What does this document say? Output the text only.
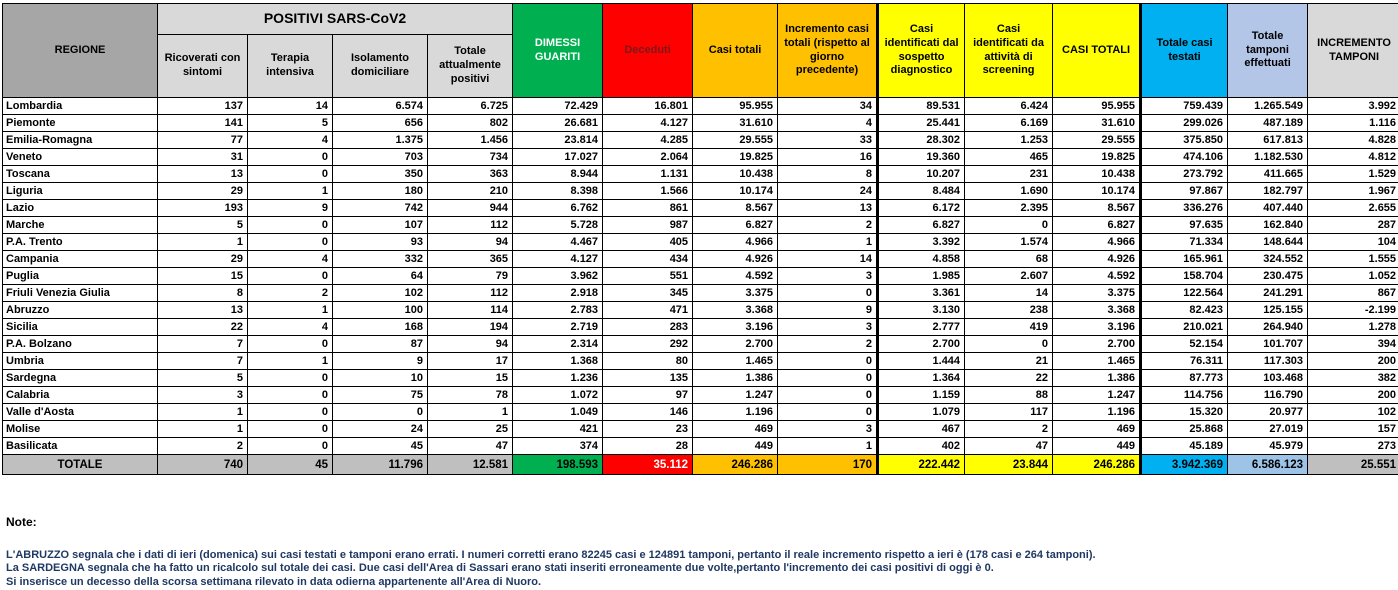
REGIONE	POSITIVI SARS-CoV2				DIMESSI GUARITI	Deceduti	Casi totali	Incremento casi totali (rispetto al giorno precedente)	Casi identificati dal sospetto diagnostico	Casi identificati da attività di screening	CASI TOTALI	Totale casi testati	Totale tamponi effettuati	INCREMENTO TAMPONI
	Ricoverati con sintomi	Terapia intensiva	Isolamento domiciliare	Totale attualmente positivi										
Lombardia	137	14	6.574	6.725	72.429	16.801	95.955	34	89.531	6.424	95.955	759.439	1.265.549	3.992
Piemonte	141	5	656	802	26.681	4.127	31.610	4	25.441	6.169	31.610	299.026	487.189	1.116
Emilia-Romagna	77	4	1.375	1.456	23.814	4.285	29.555	33	28.302	1.253	29.555	375.850	617.813	4.828
Veneto	31	0	703	734	17.027	2.064	19.825	16	19.360	465	19.825	474.106	1.182.530	4.812
Toscana	13	0	350	363	8.944	1.131	10.438	8	10.207	231	10.438	273.792	411.665	1.529
Liguria	29	1	180	210	8.398	1.566	10.174	24	8.484	1.690	10.174	97.867	182.797	1.967
Lazio	193	9	742	944	6.762	861	8.567	13	6.172	2.395	8.567	336.276	407.440	2.655
Marche	5	0	107	112	5.728	987	6.827	2	6.827	0	6.827	97.635	162.840	287
P.A. Trento	1	0	93	94	4.467	405	4.966	1	3.392	1.574	4.966	71.334	148.644	104
Campania	29	4	332	365	4.127	434	4.926	14	4.858	68	4.926	165.961	324.552	1.555
Puglia	15	0	64	79	3.962	551	4.592	3	1.985	2.607	4.592	158.704	230.475	1.052
Friuli Venezia Giulia	8	2	102	112	2.918	345	3.375	0	3.361	14	3.375	122.564	241.291	867
Abruzzo	13	1	100	114	2.783	471	3.368	9	3.130	238	3.368	82.423	125.155	-2.199
Sicilia	22	4	168	194	2.719	283	3.196	3	2.777	419	3.196	210.021	264.940	1.278
P.A. Bolzano	7	0	87	94	2.314	292	2.700	2	2.700	0	2.700	52.154	101.707	394
Umbria	7	1	9	17	1.368	80	1.465	0	1.444	21	1.465	76.311	117.303	200
Sardegna	5	0	10	15	1.236	135	1.386	0	1.364	22	1.386	87.773	103.468	382
Calabria	3	0	75	78	1.072	97	1.247	0	1.159	88	1.247	114.756	116.790	200
Valle d'Aosta	1	0	0	1	1.049	146	1.196	0	1.079	117	1.196	15.320	20.977	102
Molise	1	0	24	25	421	23	469	3	467	2	469	25.868	27.019	157
Basilicata	2	0	45	47	374	28	449	1	402	47	449	45.189	45.979	273
TOTALE	740	45	11.796	12.581	198.593	35.112	246.286	170	222.442	23.844	246.286	3.942.369	6.586.123	25.551
Note:
L'ABRUZZO segnala che i dati di ieri (domenica) sui casi testati e tamponi erano errati. I numeri corretti erano 82245 casi e 124891 tamponi, pertanto il reale incremento rispetto a ieri è (178 casi e 264 tamponi).
La SARDEGNA segnala che ha fatto un ricalcolo sul totale dei casi. Due casi dell'Area di Sassari erano stati inseriti erroneamente due volte,pertanto l'incremento dei casi positivi di oggi è 0.
Si inserisce un decesso della scorsa settimana rilevato in data odierna appartenente all'Area di Nuoro.
